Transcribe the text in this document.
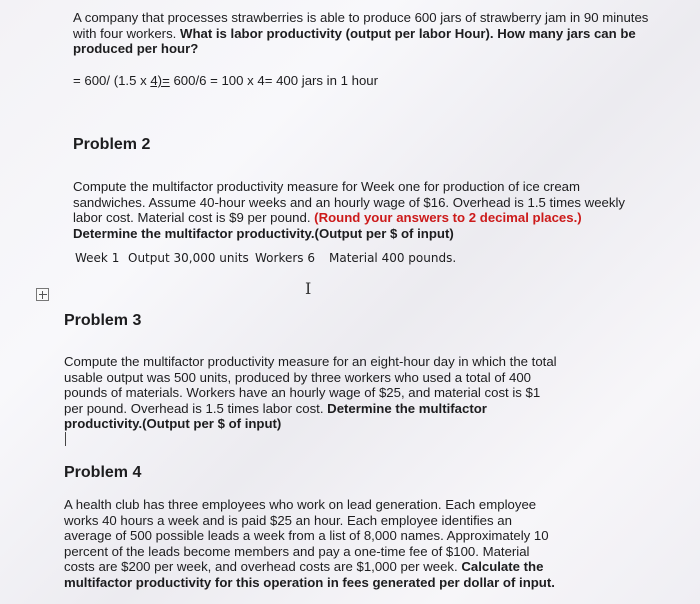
A company that processes strawberries is able to produce 600 jars of strawberry jam in 90 minutes
with four workers. What is labor productivity (output per labor Hour). How many jars can be
produced per hour?
= 600/ (1.5 x 4)= 600/6 = 100 x 4= 400 jars in 1 hour
Problem 2
Compute the multifactor productivity measure for Week one for production of ice cream
sandwiches. Assume 40-hour weeks and an hourly wage of $16. Overhead is 1.5 times weekly
labor cost. Material cost is $9 per pound. (Round your answers to 2 decimal places.)
Determine the multifactor productivity.(Output per $ of input)
Week 1 Output 30,000 units Workers 6 Material 400 pounds.
I
Problem 3
Compute the multifactor productivity measure for an eight-hour day in which the total
usable output was 500 units, produced by three workers who used a total of 400
pounds of materials. Workers have an hourly wage of $25, and material cost is $1
per pound. Overhead is 1.5 times labor cost. Determine the multifactor
productivity.(Output per $ of input)
Problem 4
A health club has three employees who work on lead generation. Each employee
works 40 hours a week and is paid $25 an hour. Each employee identifies an
average of 500 possible leads a week from a list of 8,000 names. Approximately 10
percent of the leads become members and pay a one-time fee of $100. Material
costs are $200 per week, and overhead costs are $1,000 per week. Calculate the
multifactor productivity for this operation in fees generated per dollar of input.
